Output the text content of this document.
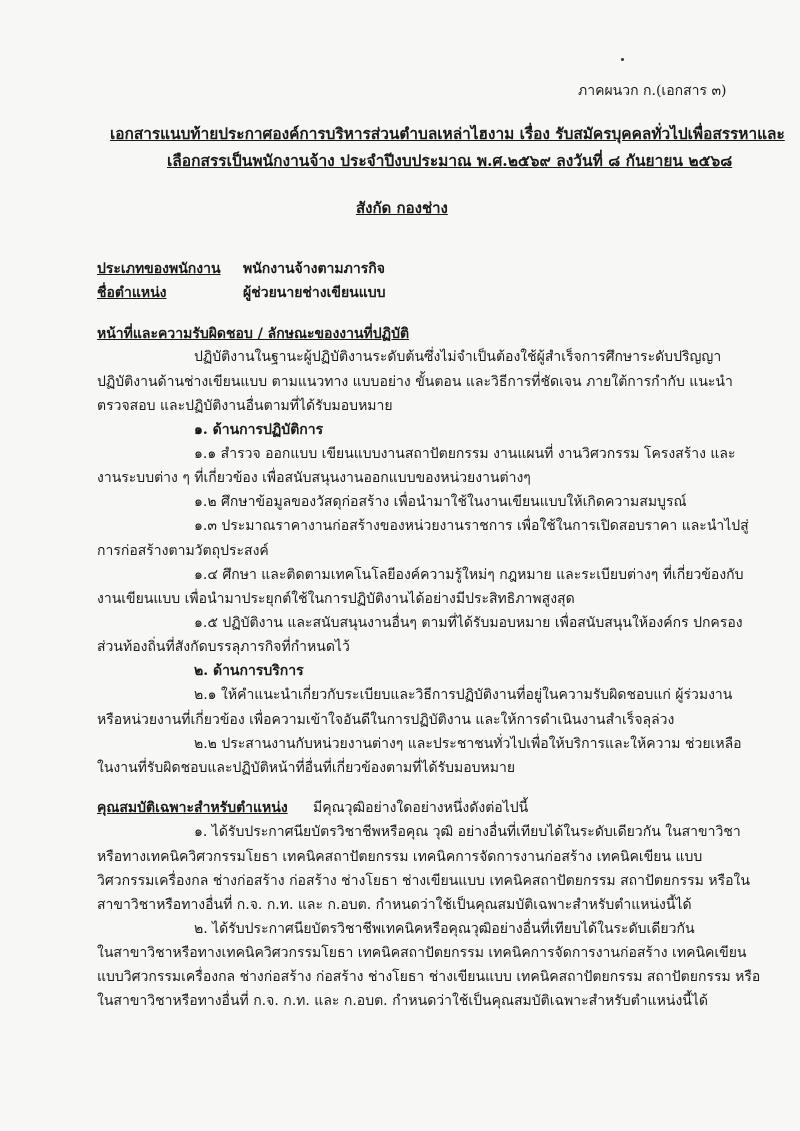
ภาคผนวก ก.(เอกสาร ๓)
เอกสารแนบท้ายประกาศองค์การบริหารส่วนตำบลเหล่าไฮงาม เรื่อง รับสมัครบุคคลทั่วไปเพื่อสรรหาและ
เลือกสรรเป็นพนักงานจ้าง ประจำปีงบประมาณ พ.ศ.๒๕๖๙ ลงวันที่ ๘ กันยายน ๒๕๖๘
สังกัด กองช่าง
ประเภทของพนักงาน พนักงานจ้างตามภารกิจ
ชื่อตำแหน่ง	ผู้ช่วยนายช่างเขียนแบบ
หน้าที่และความรับผิดชอบ / ลักษณะของงานที่ปฏิบัติ
ปฏิบัติงานในฐานะผู้ปฏิบัติงานระดับต้นซึ่งไม่จำเป็นต้องใช้ผู้สำเร็จการศึกษาระดับปริญญา
ปฏิบัติงานด้านช่างเขียนแบบ ตามแนวทาง แบบอย่าง ขั้นตอน และวิธีการที่ชัดเจน ภายใต้การกำกับ แนะนำ
ตรวจสอบ และปฏิบัติงานอื่นตามที่ได้รับมอบหมาย
๑. ด้านการปฏิบัติการ
๑.๑ สำรวจ ออกแบบ เขียนแบบงานสถาปัตยกรรม งานแผนที่ งานวิศวกรรม โครงสร้าง และ
งานระบบต่าง ๆ ที่เกี่ยวข้อง เพื่อสนับสนุนงานออกแบบของหน่วยงานต่างๆ
๑.๒ ศึกษาข้อมูลของวัสดุก่อสร้าง เพื่อนำมาใช้ในงานเขียนแบบให้เกิดความสมบูรณ์
๑.๓ ประมาณราคางานก่อสร้างของหน่วยงานราชการ เพื่อใช้ในการเปิดสอบราคา และนำไปสู่
การก่อสร้างตามวัตถุประสงค์
๑.๔ ศึกษา และติดตามเทคโนโลยีองค์ความรู้ใหม่ๆ กฎหมาย และระเบียบต่างๆ ที่เกี่ยวข้องกับ
งานเขียนแบบ เพื่อนำมาประยุกต์ใช้ในการปฏิบัติงานได้อย่างมีประสิทธิภาพสูงสุด
๑.๕ ปฏิบัติงาน และสนับสนุนงานอื่นๆ ตามที่ได้รับมอบหมาย เพื่อสนับสนุนให้องค์กร ปกครอง
ส่วนท้องถิ่นที่สังกัดบรรลุภารกิจที่กำหนดไว้
๒. ด้านการบริการ
๒.๑ ให้คำแนะนำเกี่ยวกับระเบียบและวิธีการปฏิบัติงานที่อยู่ในความรับผิดชอบแก่ ผู้ร่วมงาน
หรือหน่วยงานที่เกี่ยวข้อง เพื่อความเข้าใจอันดีในการปฏิบัติงาน และให้การดำเนินงานสำเร็จลุล่วง
๒.๒ ประสานงานกับหน่วยงานต่างๆ และประชาชนทั่วไปเพื่อให้บริการและให้ความ ช่วยเหลือ
ในงานที่รับผิดชอบและปฏิบัติหน้าที่อื่นที่เกี่ยวข้องตามที่ได้รับมอบหมาย
คุณสมบัติเฉพาะสำหรับตำแหน่ง มีคุณวุฒิอย่างใดอย่างหนึ่งดังต่อไปนี้
๑. ได้รับประกาศนียบัตรวิชาชีพหรือคุณ วุฒิ อย่างอื่นที่เทียบได้ในระดับเดียวกัน ในสาขาวิชา
หรือทางเทคนิควิศวกรรมโยธา เทคนิคสถาปัตยกรรม เทคนิคการจัดการงานก่อสร้าง เทคนิคเขียน แบบ
วิศวกรรมเครื่องกล ช่างก่อสร้าง ก่อสร้าง ช่างโยธา ช่างเขียนแบบ เทคนิคสถาปัตยกรรม สถาปัตยกรรม หรือใน
สาขาวิชาหรือทางอื่นที่ ก.จ. ก.ท. และ ก.อบต. กำหนดว่าใช้เป็นคุณสมบัติเฉพาะสำหรับตำแหน่งนี้ได้
๒. ได้รับประกาศนียบัตรวิชาชีพเทคนิคหรือคุณวุฒิอย่างอื่นที่เทียบได้ในระดับเดียวกัน
ในสาขาวิชาหรือทางเทคนิควิศวกรรมโยธา เทคนิคสถาปัตยกรรม เทคนิคการจัดการงานก่อสร้าง เทคนิคเขียน
แบบวิศวกรรมเครื่องกล ช่างก่อสร้าง ก่อสร้าง ช่างโยธา ช่างเขียนแบบ เทคนิคสถาปัตยกรรม สถาปัตยกรรม หรือ
ในสาขาวิชาหรือทางอื่นที่ ก.จ. ก.ท. และ ก.อบต. กำหนดว่าใช้เป็นคุณสมบัติเฉพาะสำหรับตำแหน่งนี้ได้
